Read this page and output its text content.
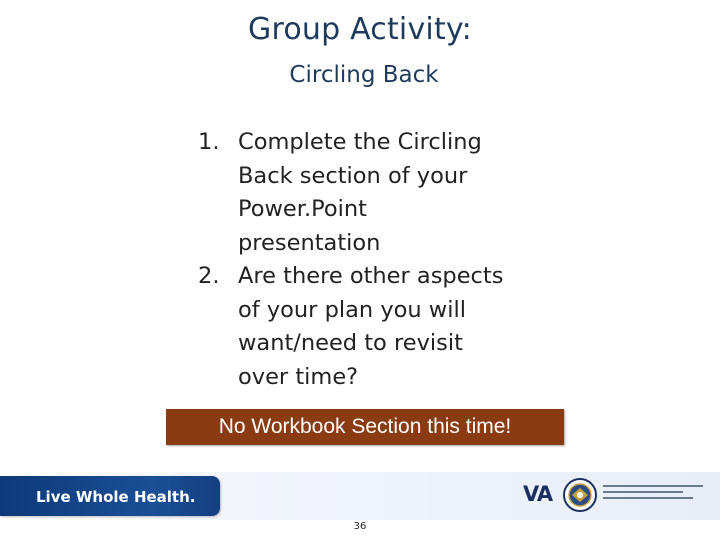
Group Activity:
Circling Back
1. Complete the Circling
Back section of your
Power.Point
presentation
2. Are there other aspects
of your plan you will
want/need to revisit
over time?
No Workbook Section this time!
Live Whole Health.	VA
36
